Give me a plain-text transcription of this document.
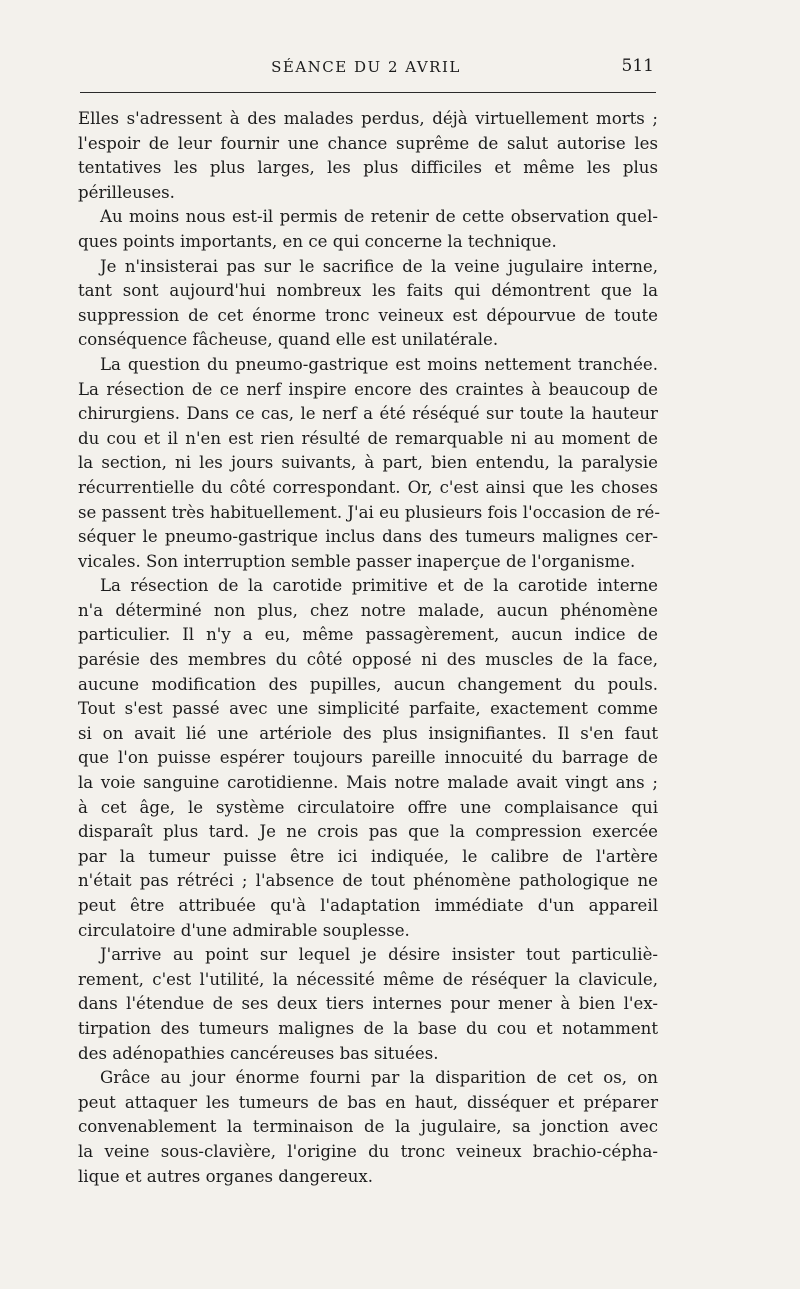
SÉANCE DU 2 AVRIL	511

Elles s'adressent à des malades perdus, déjà virtuellement morts ;
l'espoir de leur fournir une chance suprême de salut autorise les
tentatives les plus larges, les plus difficiles et même les plus
périlleuses.

Au moins nous est-il permis de retenir de cette observation quel-
ques points importants, en ce qui concerne la technique.

Je n'insisterai pas sur le sacrifice de la veine jugulaire interne,
tant sont aujourd'hui nombreux les faits qui démontrent que la
suppression de cet énorme tronc veineux est dépourvue de toute
conséquence fâcheuse, quand elle est unilatérale.

La question du pneumo-gastrique est moins nettement tranchée.
La résection de ce nerf inspire encore des craintes à beaucoup de
chirurgiens. Dans ce cas, le nerf a été réséqué sur toute la hauteur
du cou et il n'en est rien résulté de remarquable ni au moment de
la section, ni les jours suivants, à part, bien entendu, la paralysie
récurrentielle du côté correspondant. Or, c'est ainsi que les choses
se passent très habituellement. J'ai eu plusieurs fois l'occasion de ré-
séquer le pneumo-gastrique inclus dans des tumeurs malignes cer-
vicales. Son interruption semble passer inaperçue de l'organisme.

La résection de la carotide primitive et de la carotide interne
n'a déterminé non plus, chez notre malade, aucun phénomène
particulier. Il n'y a eu, même passagèrement, aucun indice de
parésie des membres du côté opposé ni des muscles de la face,
aucune modification des pupilles, aucun changement du pouls.
Tout s'est passé avec une simplicité parfaite, exactement comme
si on avait lié une artériole des plus insignifiantes. Il s'en faut
que l'on puisse espérer toujours pareille innocuité du barrage de
la voie sanguine carotidienne. Mais notre malade avait vingt ans ;
à cet âge, le système circulatoire offre une complaisance qui
disparaît plus tard. Je ne crois pas que la compression exercée
par la tumeur puisse être ici indiquée, le calibre de l'artère
n'était pas rétréci ; l'absence de tout phénomène pathologique ne
peut être attribuée qu'à l'adaptation immédiate d'un appareil
circulatoire d'une admirable souplesse.

J'arrive au point sur lequel je désire insister tout particuliè-
rement, c'est l'utilité, la nécessité même de réséquer la clavicule,
dans l'étendue de ses deux tiers internes pour mener à bien l'ex-
tirpation des tumeurs malignes de la base du cou et notamment
des adénopathies cancéreuses bas situées.

Grâce au jour énorme fourni par la disparition de cet os, on
peut attaquer les tumeurs de bas en haut, disséquer et préparer
convenablement la terminaison de la jugulaire, sa jonction avec
la veine sous-clavière, l'origine du tronc veineux brachio-cépha-
lique et autres organes dangereux.
